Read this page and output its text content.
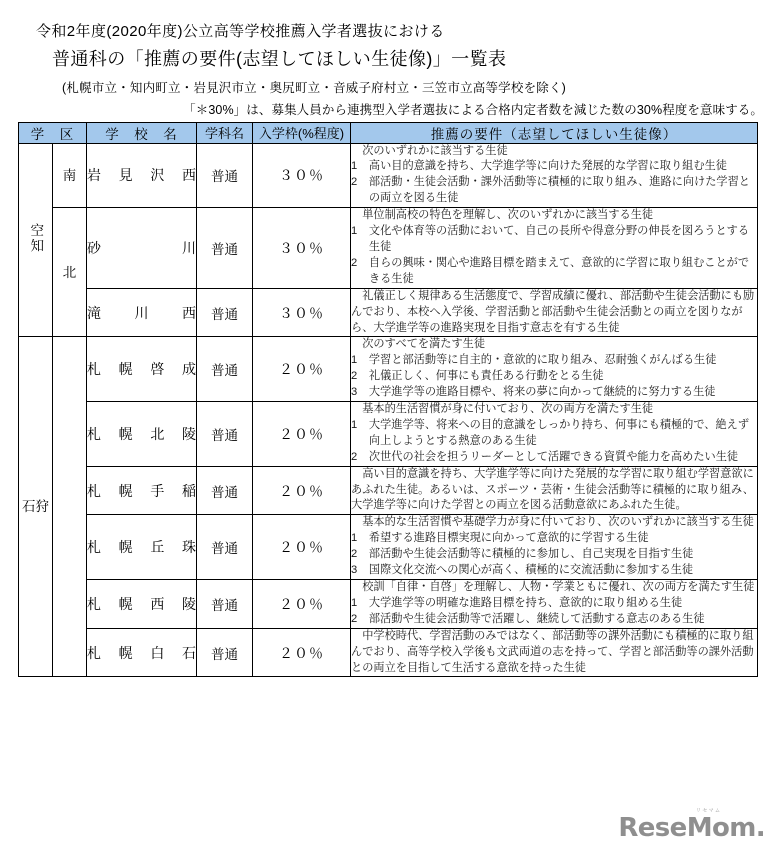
令和2年度(2020年度)公立高等学校推薦入学者選抜における
普通科の「推薦の要件(志望してほしい生徒像)」一覧表
(札幌市立・知内町立・岩見沢市立・奥尻町立・音威子府村立・三笠市立高等学校を除く)
「＊30%」は、募集人員から連携型入学者選抜による合格内定者数を減じた数の30%程度を意味する。
学　区		学　校　名	学科名	入学枠(%程度)	推薦の要件（志望してほしい生徒像）
空知	南	岩見沢西	普通	３０％	次のいずれかに該当する生徒
1 高い目的意識を持ち、大学進学等に向けた発展的な学習に取り組む生徒
2 部活動・生徒会活動・課外活動等に積極的に取り組み、進路に向けた学習との両立を図る生徒

	北	砂川	普通	３０％	単位制高校の特色を理解し、次のいずれかに該当する生徒
1 文化や体育等の活動において、自己の長所や得意分野の伸長を図ろうとする生徒
2 自らの興味・関心や進路目標を踏まえて、意欲的に学習に取り組むことができる生徒

		滝川西	普通	３０％	礼儀正しく規律ある生活態度で、学習成績に優れ、部活動や生徒会活動にも励んでおり、本校へ入学後、学習活動と部活動や生徒会活動との両立を図りながら、大学進学等の進路実現を目指す意志を有する生徒

石狩		札幌啓成	普通	２０％	次のすべてを満たす生徒
1 学習と部活動等に自主的・意欲的に取り組み、忍耐強くがんばる生徒
2 礼儀正しく、何事にも責任ある行動をとる生徒
3 大学進学等の進路目標や、将来の夢に向かって継続的に努力する生徒

		札幌北陵	普通	２０％	基本的生活習慣が身に付いており、次の両方を満たす生徒
1 大学進学等、将来への目的意識をしっかり持ち、何事にも積極的で、絶えず向上しようとする熱意のある生徒
2 次世代の社会を担うリーダーとして活躍できる資質や能力を高めたい生徒

		札幌手稲	普通	２０％	高い目的意識を持ち、大学進学等に向けた発展的な学習に取り組む学習意欲にあふれた生徒。あるいは、スポーツ・芸術・生徒会活動等に積極的に取り組み、大学進学等に向けた学習との両立を図る活動意欲にあふれた生徒。

		札幌丘珠	普通	２０％	基本的な生活習慣や基礎学力が身に付いており、次のいずれかに該当する生徒
1 希望する進路目標実現に向かって意欲的に学習する生徒
2 部活動や生徒会活動等に積極的に参加し、自己実現を目指す生徒
3 国際文化交流への関心が高く、積極的に交流活動に参加する生徒

		札幌西陵	普通	２０％	校訓「自律・自啓」を理解し、人物・学業ともに優れ、次の両方を満たす生徒
1 大学進学等の明確な進路目標を持ち、意欲的に取り組める生徒
2 部活動や生徒会活動等で活躍し、継続して活動する意志のある生徒

		札幌白石	普通	２０％	中学校時代、学習活動のみではなく、部活動等の課外活動にも積極的に取り組んでおり、高等学校入学後も文武両道の志を持って、学習と部活動等の課外活動との両立を目指して生活する意欲を持った生徒
リセマム
ReseMom.
